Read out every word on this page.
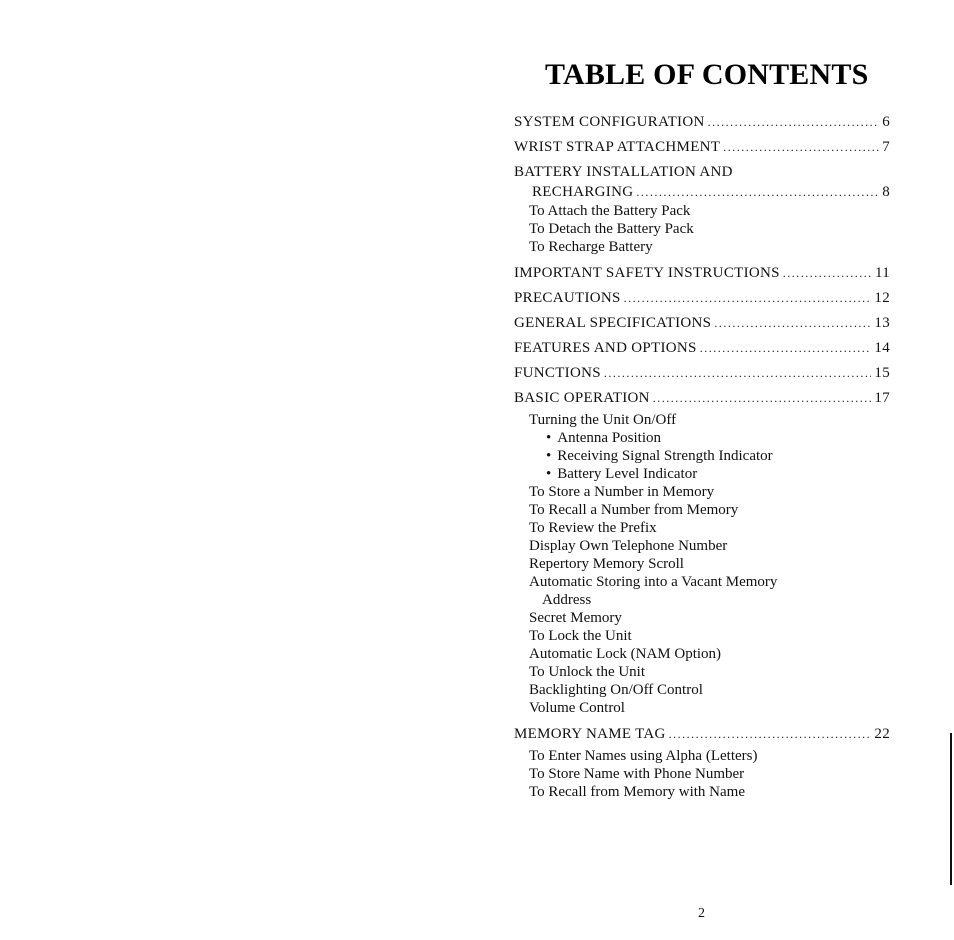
TABLE OF CONTENTS
SYSTEM CONFIGURATION .....	6
WRIST STRAP ATTACHMENT .....	7
BATTERY INSTALLATION AND
RECHARGING .....	8
To Attach the Battery Pack
To Detach the Battery Pack
To Recharge Battery
IMPORTANT SAFETY INSTRUCTIONS .....	11
PRECAUTIONS .....	12
GENERAL SPECIFICATIONS .....	13
FEATURES AND OPTIONS .....	14
FUNCTIONS .....	15
BASIC OPERATION .....	17
Turning the Unit On/Off
• Antenna Position
• Receiving Signal Strength Indicator
• Battery Level Indicator
To Store a Number in Memory
To Recall a Number from Memory
To Review the Prefix
Display Own Telephone Number
Repertory Memory Scroll
Automatic Storing into a Vacant Memory
Address
Secret Memory
To Lock the Unit
Automatic Lock (NAM Option)
To Unlock the Unit
Backlighting On/Off Control
Volume Control
MEMORY NAME TAG .....	22
To Enter Names using Alpha (Letters)
To Store Name with Phone Number
To Recall from Memory with Name
2
